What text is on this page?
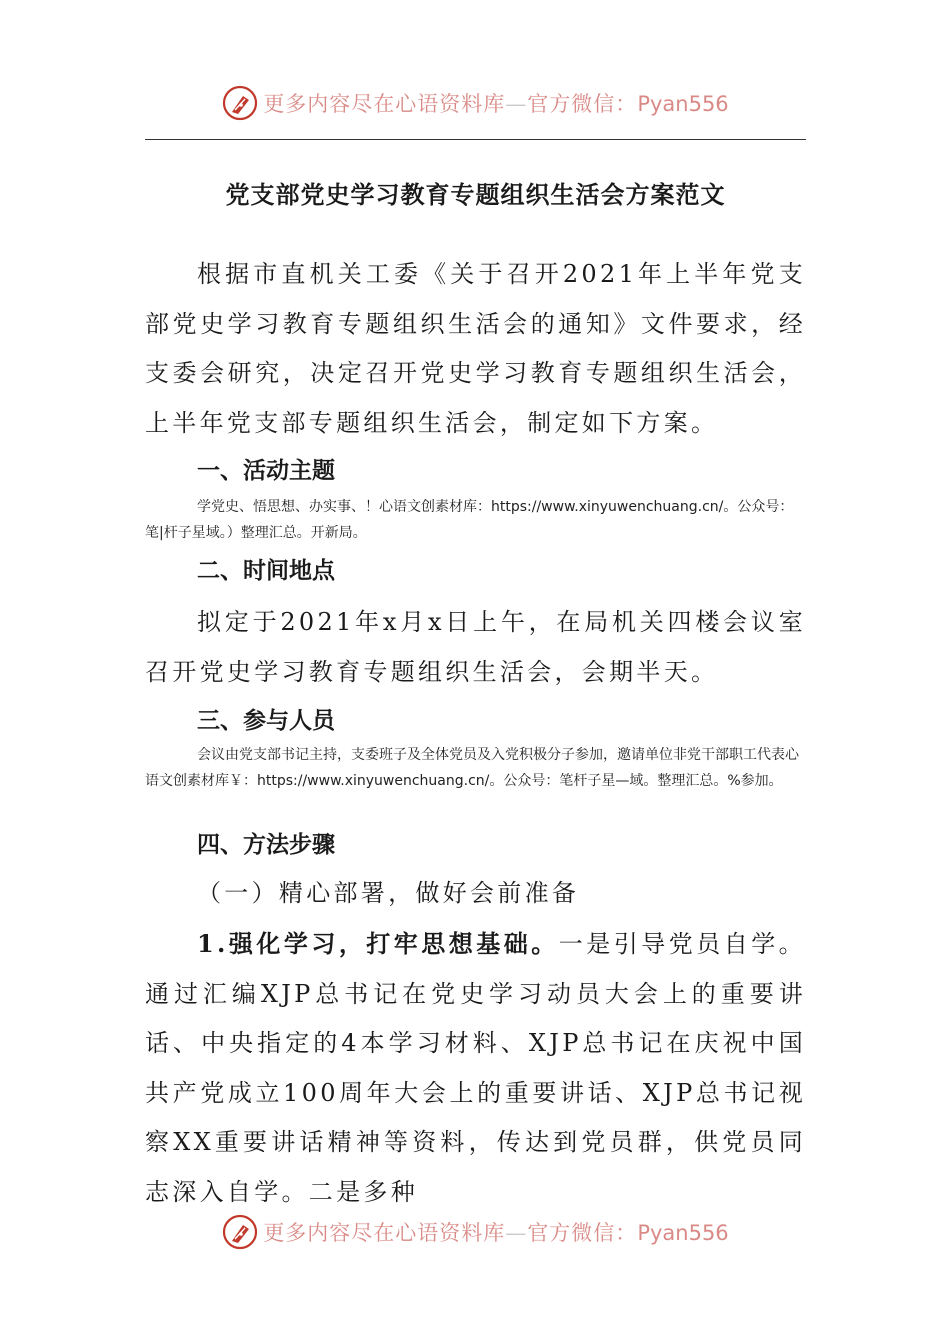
更多内容尽在心语资料库—官方微信：Pyan556
党支部党史学习教育专题组织生活会方案范文

根据市直机关工委《关于召开2021年上半年党支部党史学习教育专题组织生活会的通知》文件要求，经支委会研究，决定召开党史学习教育专题组织生活会，上半年党支部专题组织生活会，制定如下方案。

一、活动主题

学党史、悟思想、办实事、！心语文创素材库：https://www.xinyuwenchuang.cn/。公众号：笔|杆子星域。）整理汇总。开新局。

二、时间地点

拟定于2021年x月x日上午，在局机关四楼会议室召开党史学习教育专题组织生活会，会期半天。

三、参与人员

会议由党支部书记主持，支委班子及全体党员及入党积极分子参加，邀请单位非党干部职工代表心语文创素材库￥：https://www.xinyuwenchuang.cn/。公众号：笔杆子星—域。整理汇总。%参加。

四、方法步骤

（一）精心部署，做好会前准备

1.强化学习，打牢思想基础。一是引导党员自学。通过汇编XJP总书记在党史学习动员大会上的重要讲话、中央指定的4本学习材料、XJP总书记在庆祝中国共产党成立100周年大会上的重要讲话、XJP总书记视察XX重要讲话精神等资料，传达到党员群，供党员同志深入自学。二是多种

更多内容尽在心语资料库—官方微信：Pyan556
